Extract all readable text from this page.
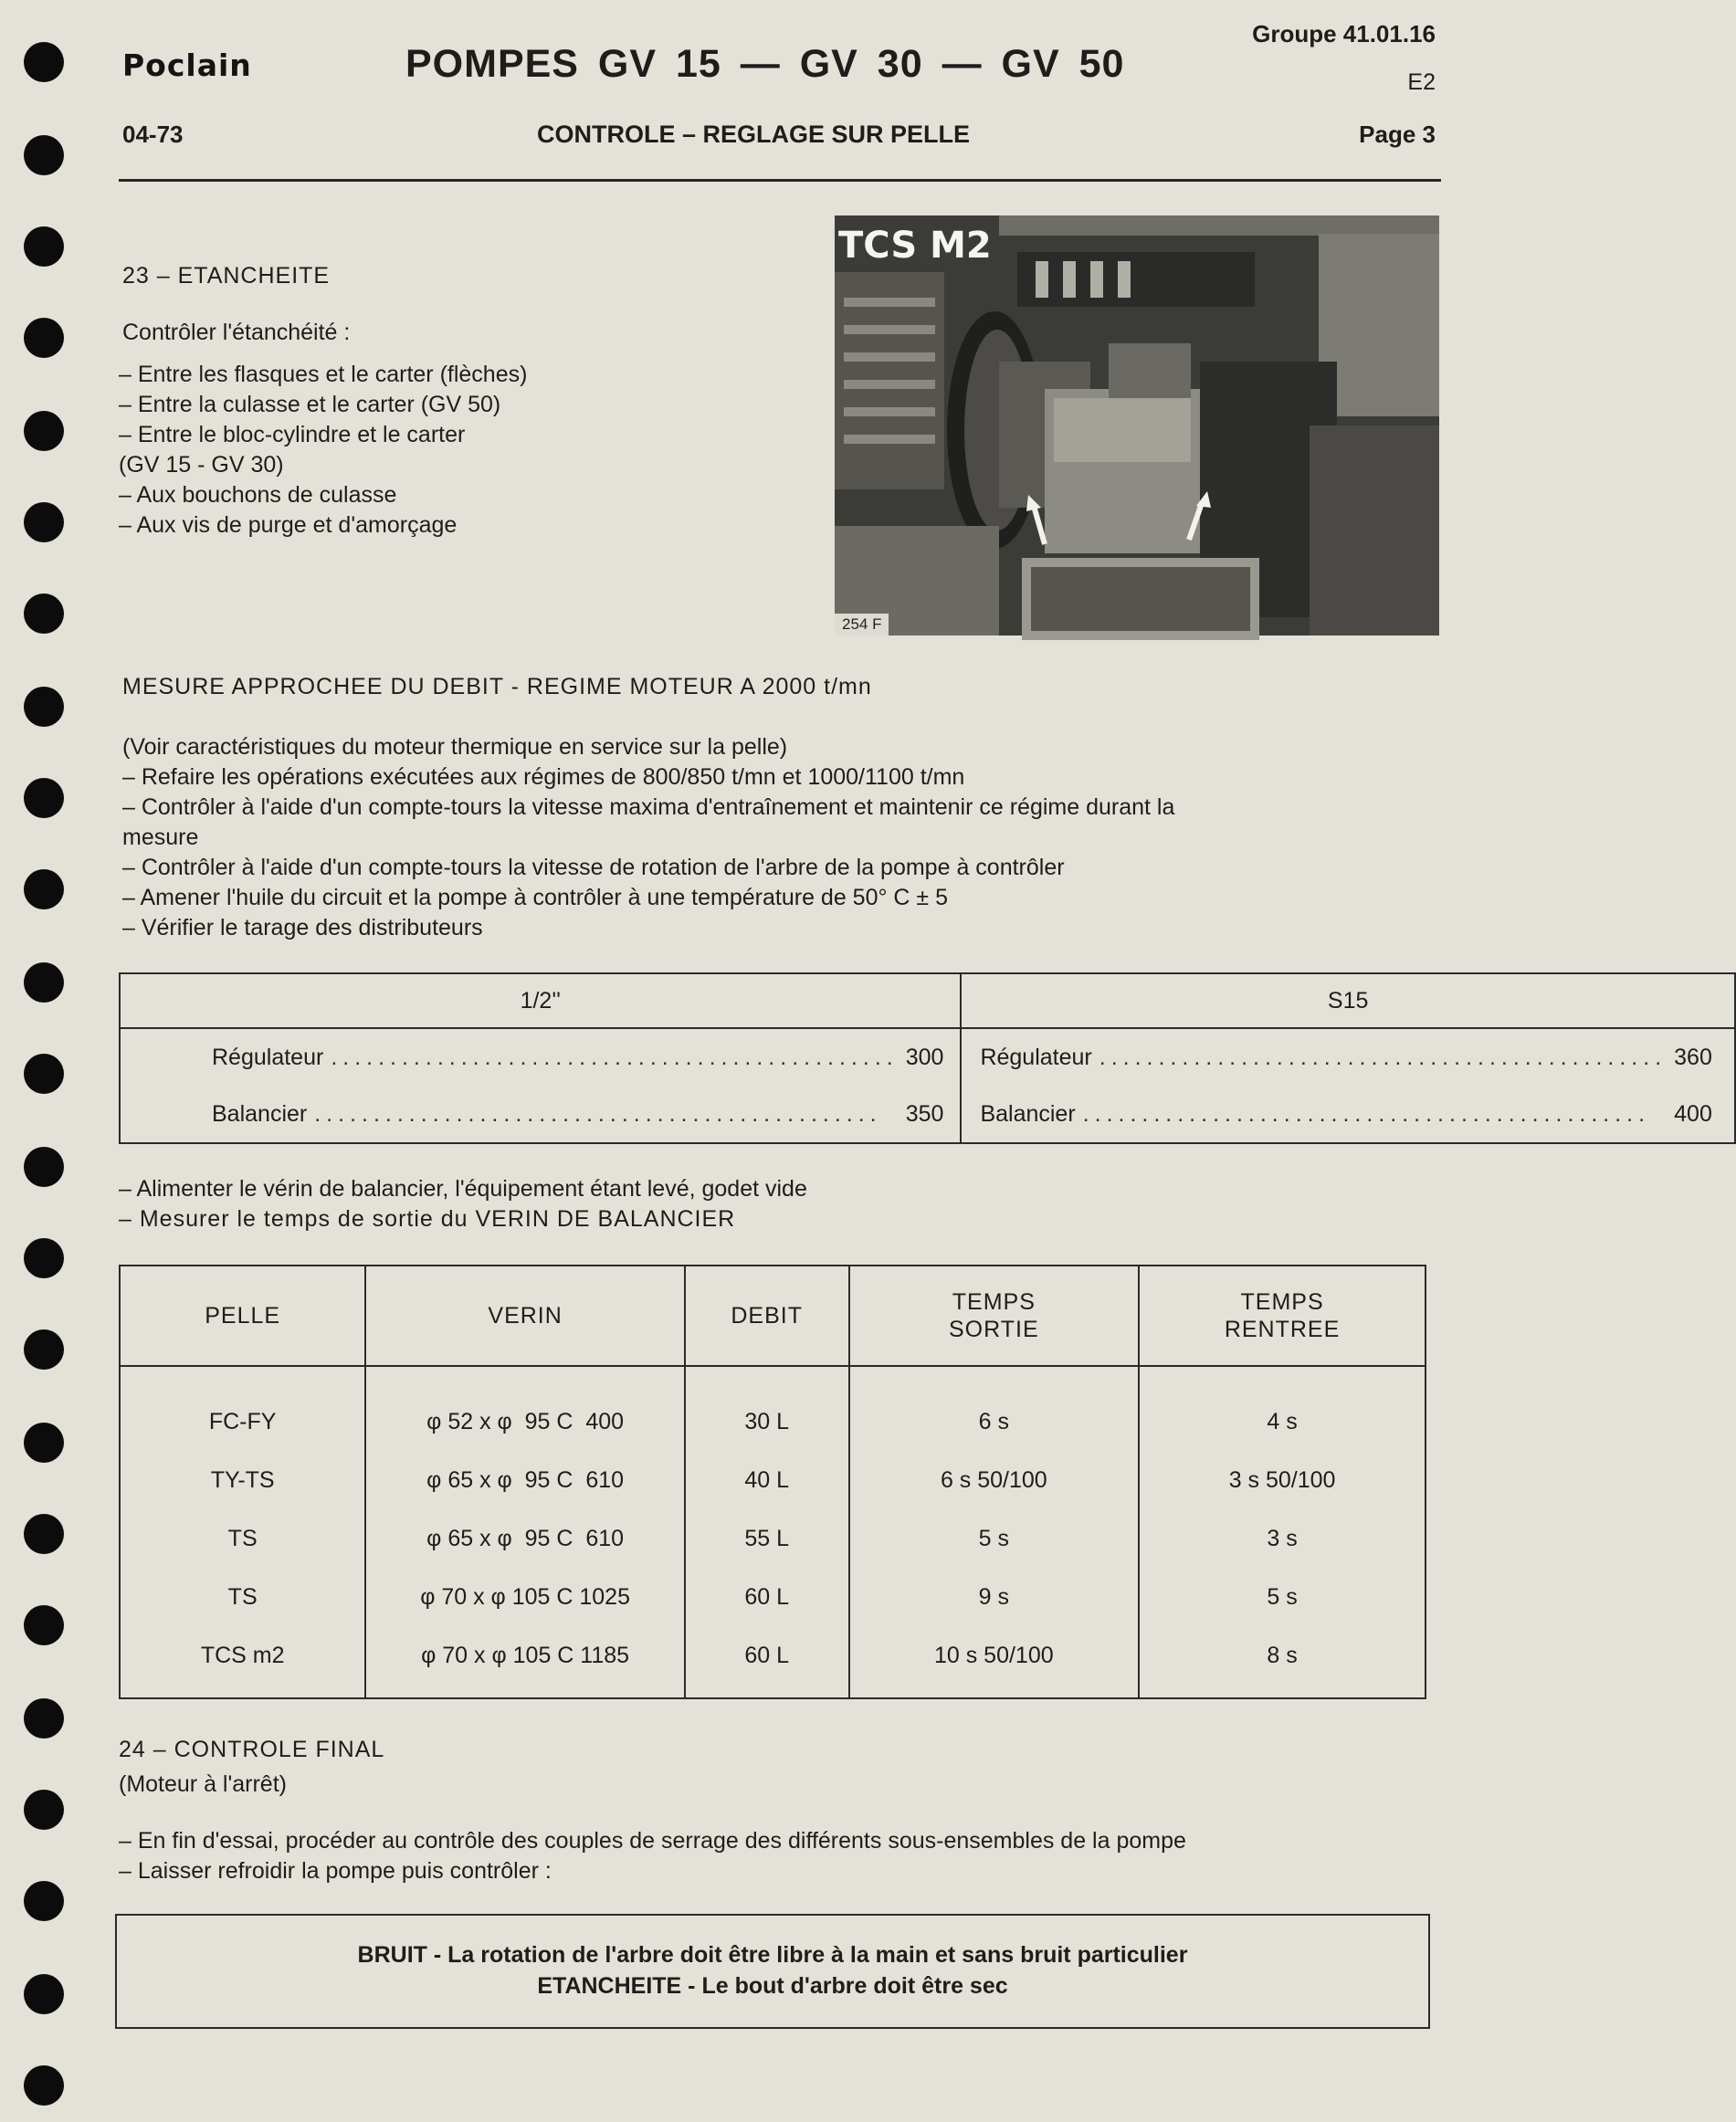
Poclain	POMPES GV 15 — GV 30 — GV 50
Groupe 41.01.16
E2
04-73	CONTROLE – REGLAGE SUR PELLE	Page 3
TCS M2
254 F
23 – ETANCHEITE
Contrôler l'étanchéité :

– Entre les flasques et le carter (flèches)

– Entre la culasse et le carter (GV 50)

– Entre le bloc-cylindre et le carter

(GV 15 - GV 30)

– Aux bouchons de culasse

– Aux vis de purge et d'amorçage

MESURE APPROCHEE DU DEBIT - REGIME MOTEUR A 2000 t/mn

(Voir caractéristiques du moteur thermique en service sur la pelle)

– Refaire les opérations exécutées aux régimes de 800/850 t/mn et 1000/1100 t/mn

– Contrôler à l'aide d'un compte-tours la vitesse maxima d'entraînement et maintenir ce régime durant la

mesure

– Contrôler à l'aide d'un compte-tours la vitesse de rotation de l'arbre de la pompe à contrôler

– Amener l'huile du circuit et la pompe à contrôler à une température de 50° C ± 5

– Vérifier le tarage des distributeurs

1/2''	S15

Régulateur ................................................ 300	Régulateur ................................................ 360

Balancier ................................................ 350	Balancier ................................................ 400

– Alimenter le vérin de balancier, l'équipement étant levé, godet vide

– Mesurer le temps de sortie du VERIN DE BALANCIER

PELLE	VERIN	DEBIT	TEMPS SORTIE	TEMPS RENTREE
FC-FY	φ 52 x φ  95 C  400	30 L	6 s	4 s
TY-TS	φ 65 x φ  95 C  610	40 L	6 s 50/100	3 s 50/100
TS	φ 65 x φ  95 C  610	55 L	5 s	3 s
TS	φ 70 x φ 105 C 1025	60 L	9 s	5 s
TCS m2	φ 70 x φ 105 C 1185	60 L	10 s 50/100	8 s
24 – CONTROLE FINAL
(Moteur à l'arrêt)

– En fin d'essai, procéder au contrôle des couples de serrage des différents sous-ensembles de la pompe

– Laisser refroidir la pompe puis contrôler :

BRUIT - La rotation de l'arbre doit être libre à la main et sans bruit particulier

ETANCHEITE - Le bout d'arbre doit être sec
